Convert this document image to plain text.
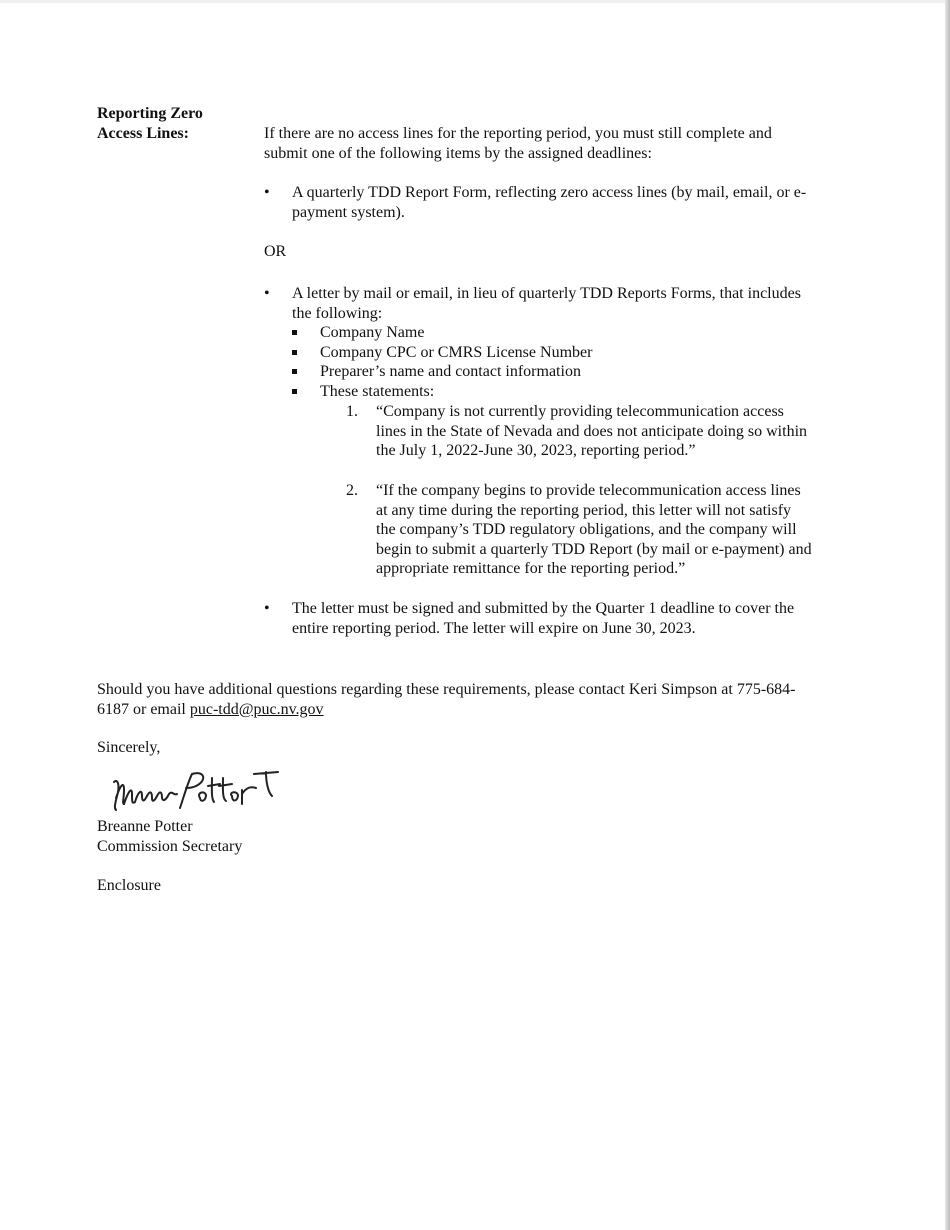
Reporting Zero
Access Lines:	If there are no access lines for the reporting period, you must still complete and
submit one of the following items by the assigned deadlines:
• A quarterly TDD Report Form, reflecting zero access lines (by mail, email, or e-
payment system).
OR
• A letter by mail or email, in lieu of quarterly TDD Reports Forms, that includes
the following:
Company Name
Company CPC or CMRS License Number
Preparer’s name and contact information
These statements:
1. “Company is not currently providing telecommunication access
lines in the State of Nevada and does not anticipate doing so within
the July 1, 2022-June 30, 2023, reporting period.”
2. “If the company begins to provide telecommunication access lines
at any time during the reporting period, this letter will not satisfy
the company’s TDD regulatory obligations, and the company will
begin to submit a quarterly TDD Report (by mail or e-payment) and
appropriate remittance for the reporting period.”
• The letter must be signed and submitted by the Quarter 1 deadline to cover the
entire reporting period. The letter will expire on June 30, 2023.
Should you have additional questions regarding these requirements, please contact Keri Simpson at 775-684-
6187 or email puc-tdd@puc.nv.gov
Sincerely,
Breanne Potter
Commission Secretary
Enclosure
